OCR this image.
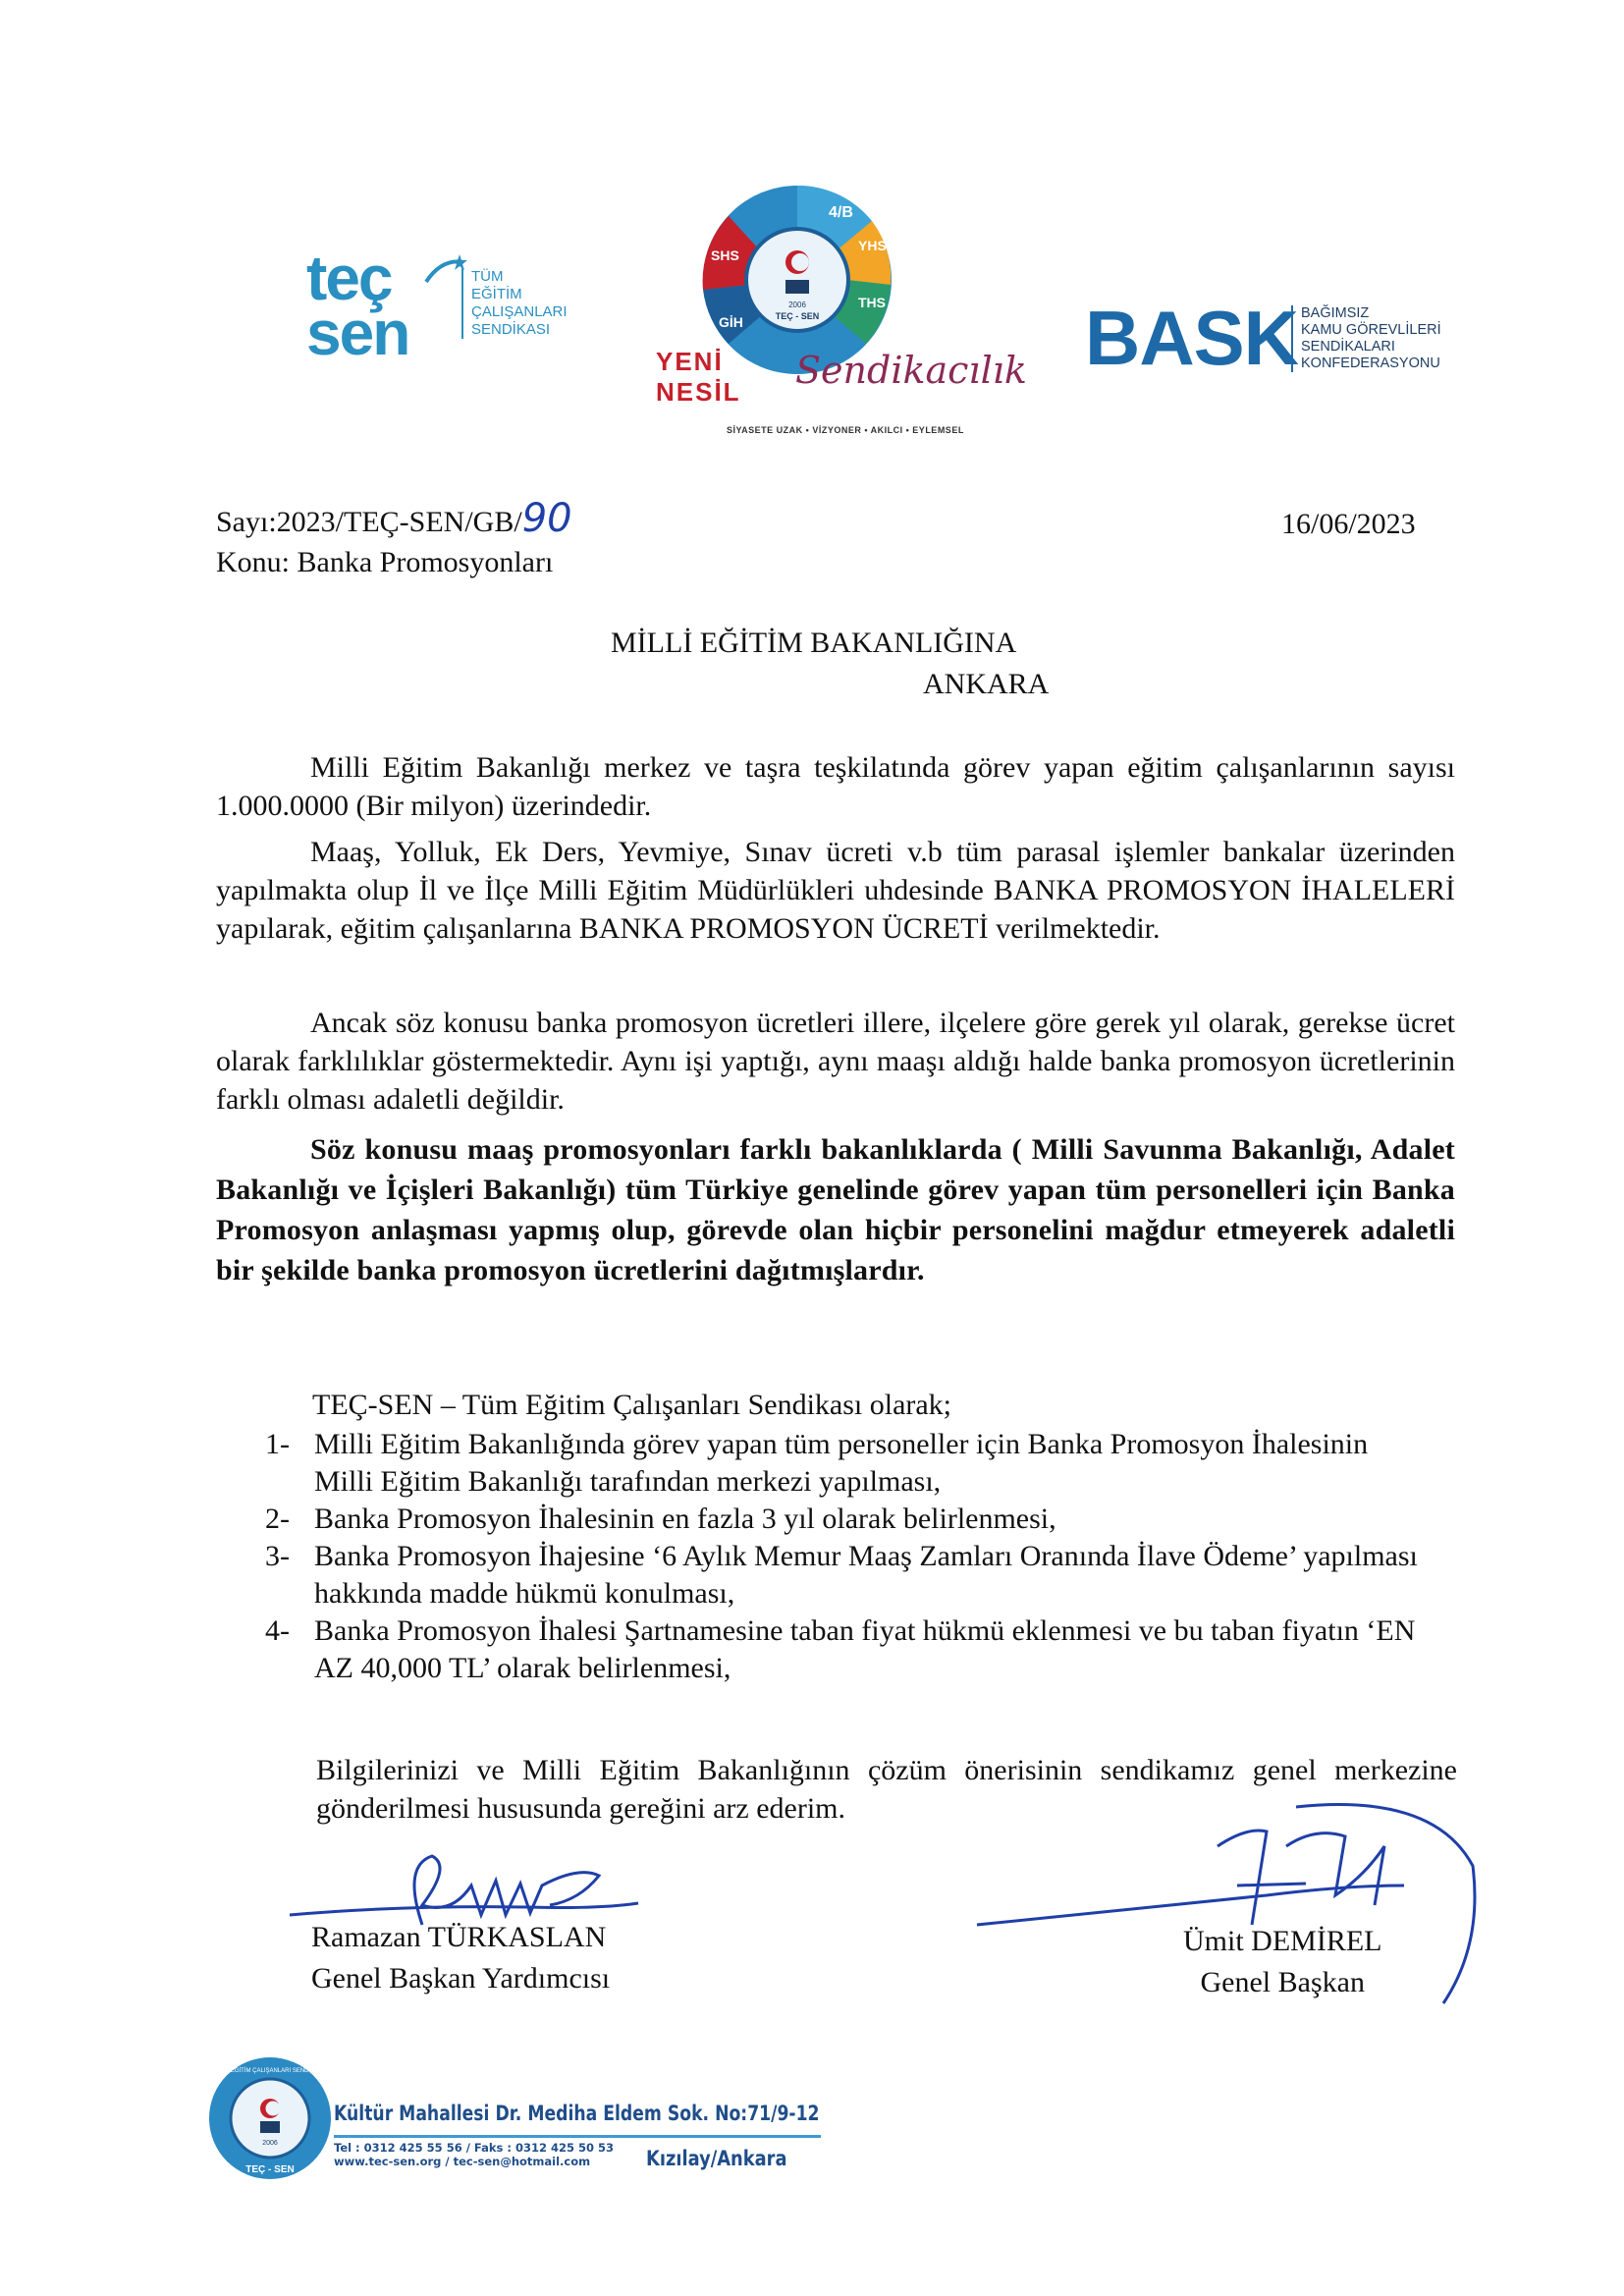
teç
sen
TÜM
EĞİTİM
ÇALIŞANLARI
SENDİKASI
2006
TEÇ - SEN
4/B
YHS
THS
GİH
SHS
YENİ
NESİL Sendikacılık
SİYASETE UZAK • VİZYONER • AKILCI • EYLEMSEL
BASK BAĞIMSIZ
KAMU GÖREVLİLERİ
SENDİKALARI
KONFEDERASYONU
Sayı:2023/TEÇ-SEN/GB/90	16/06/2023
Konu: Banka Promosyonları
MİLLİ EĞİTİM BAKANLIĞINA
ANKARA
Milli Eğitim Bakanlığı merkez ve taşra teşkilatında görev yapan eğitim çalışanlarının sayısı 1.000.0000 (Bir milyon) üzerindedir.
Maaş, Yolluk, Ek Ders, Yevmiye, Sınav ücreti v.b tüm parasal işlemler bankalar üzerinden yapılmakta olup İl ve İlçe Milli Eğitim Müdürlükleri uhdesinde BANKA PROMOSYON İHALELERİ yapılarak, eğitim çalışanlarına BANKA PROMOSYON ÜCRETİ verilmektedir.
Ancak söz konusu banka promosyon ücretleri illere, ilçelere göre gerek yıl olarak, gerekse ücret olarak farklılıklar göstermektedir. Aynı işi yaptığı, aynı maaşı aldığı halde banka promosyon ücretlerinin farklı olması adaletli değildir.
Söz konusu maaş promosyonları farklı bakanlıklarda ( Milli Savunma Bakanlığı, Adalet Bakanlığı ve İçişleri Bakanlığı) tüm Türkiye genelinde görev yapan tüm personelleri için Banka Promosyon anlaşması yapmış olup, görevde olan hiçbir personelini mağdur etmeyerek adaletli bir şekilde banka promosyon ücretlerini dağıtmışlardır.
TEÇ-SEN – Tüm Eğitim Çalışanları Sendikası olarak;
1- Milli Eğitim Bakanlığında görev yapan tüm personeller için Banka Promosyon İhalesinin Milli Eğitim Bakanlığı tarafından merkezi yapılması,
2- Banka Promosyon İhalesinin en fazla 3 yıl olarak belirlenmesi,
3- Banka Promosyon İhajesine ‘6 Aylık Memur Maaş Zamları Oranında İlave Ödeme’ yapılması hakkında madde hükmü konulması,
4- Banka Promosyon İhalesi Şartnamesine taban fiyat hükmü eklenmesi ve bu taban fiyatın ‘EN AZ 40,000 TL’ olarak belirlenmesi,
Bilgilerinizi ve Milli Eğitim Bakanlığının çözüm önerisinin sendikamız genel merkezine gönderilmesi hususunda gereğini arz ederim.
Ramazan TÜRKASLAN
Genel Başkan Yardımcısı
Ümit DEMİREL
Genel Başkan
2006
TEÇ - SEN
TÜM EĞİTİM ÇALIŞANLARI SENDİKASI
Kültür Mahallesi Dr. Mediha Eldem Sok. No:71/9-12
Tel : 0312 425 55 56 / Faks : 0312 425 50 53
www.tec-sen.org / tec-sen@hotmail.com	Kızılay/Ankara
